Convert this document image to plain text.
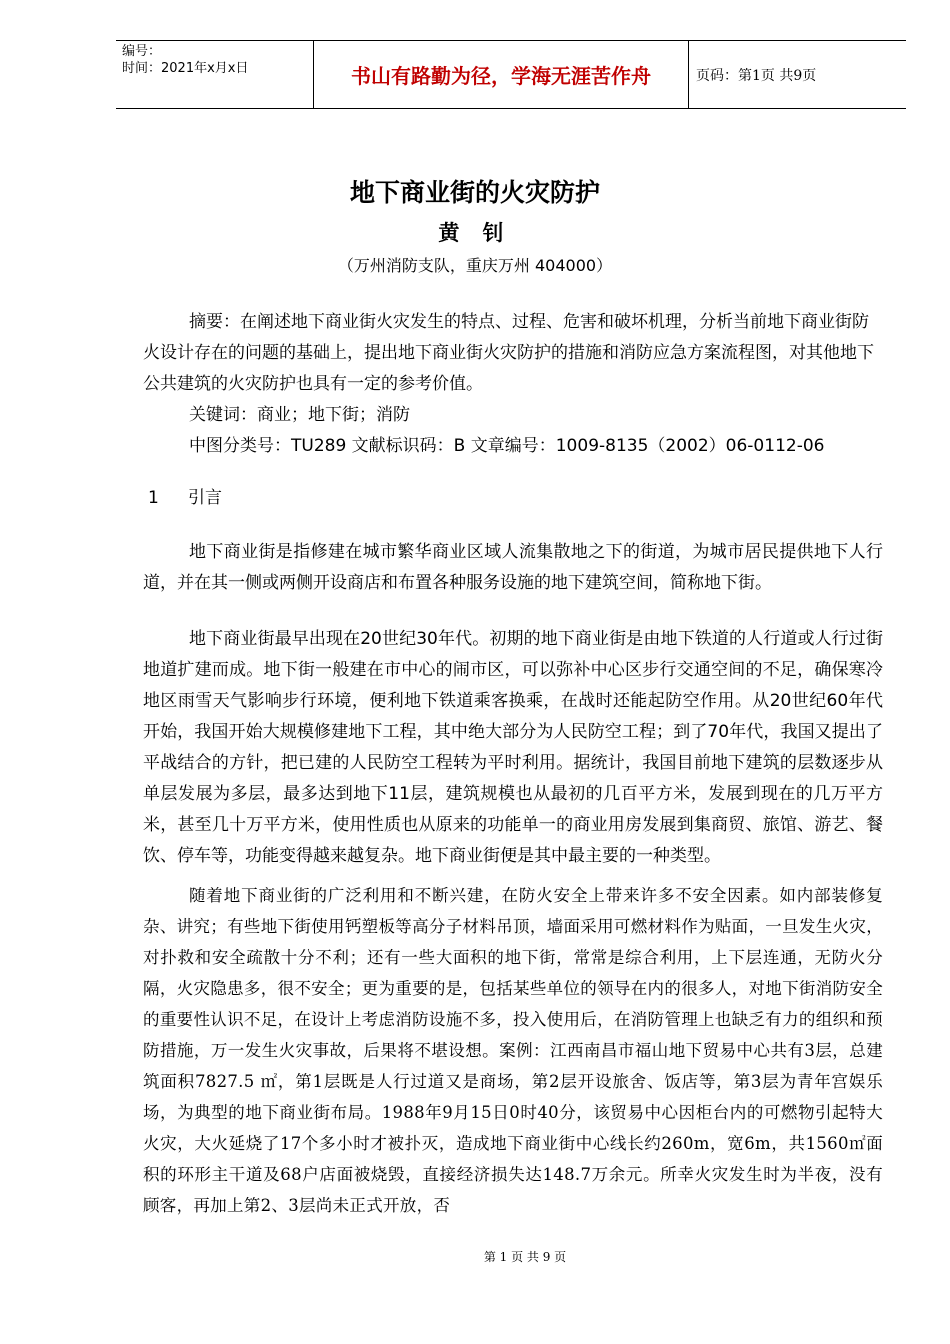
编号：
时间：2021年x月x日	书山有路勤为径，学海无涯苦作舟	页码：第1页 共9页
地下商业街的火灾防护
黄 钊
（万州消防支队，重庆万州 404000）

摘要：在阐述地下商业街火灾发生的特点、过程、危害和破坏机理，分析当前地下商业街防火设计存在的问题的基础上，提出地下商业街火灾防护的措施和消防应急方案流程图，对其他地下公共建筑的火灾防护也具有一定的参考价值。

关键词：商业；地下街；消防
中图分类号：TU289 文献标识码：B 文章编号：1009-8135（2002）06-0112-06
1 引言

地下商业街是指修建在城市繁华商业区域人流集散地之下的街道，为城市居民提供地下人行道，并在其一侧或两侧开设商店和布置各种服务设施的地下建筑空间，简称地下街。

地下商业街最早出现在20世纪30年代。初期的地下商业街是由地下铁道的人行道或人行过街地道扩建而成。地下街一般建在市中心的闹市区，可以弥补中心区步行交通空间的不足，确保寒冷地区雨雪天气影响步行环境，便利地下铁道乘客换乘，在战时还能起防空作用。从20世纪60年代开始，我国开始大规模修建地下工程，其中绝大部分为人民防空工程；到了70年代，我国又提出了平战结合的方针，把已建的人民防空工程转为平时利用。据统计，我国目前地下建筑的层数逐步从单层发展为多层，最多达到地下11层，建筑规模也从最初的几百平方米，发展到现在的几万平方米，甚至几十万平方米，使用性质也从原来的功能单一的商业用房发展到集商贸、旅馆、游艺、餐饮、停车等，功能变得越来越复杂。地下商业街便是其中最主要的一种类型。

随着地下商业街的广泛利用和不断兴建，在防火安全上带来许多不安全因素。如内部装修复杂、讲究；有些地下街使用钙塑板等高分子材料吊顶，墙面采用可燃材料作为贴面，一旦发生火灾，对扑救和安全疏散十分不利；还有一些大面积的地下街，常常是综合利用，上下层连通，无防火分隔，火灾隐患多，很不安全；更为重要的是，包括某些单位的领导在内的很多人，对地下街消防安全的重要性认识不足，在设计上考虑消防设施不多，投入使用后，在消防管理上也缺乏有力的组织和预防措施，万一发生火灾事故，后果将不堪设想。案例：江西南昌市福山地下贸易中心共有3层，总建筑面积7827.5 ㎡，第1层既是人行过道又是商场，第2层开设旅舍、饭店等，第3层为青年宫娱乐场，为典型的地下商业街布局。1988年9月15日0时40分，该贸易中心因柜台内的可燃物引起特大火灾，大火延烧了17个多小时才被扑灭，造成地下商业街中心线长约260m，宽6m，共1560㎡面积的环形主干道及68户店面被烧毁，直接经济损失达148.7万余元。所幸火灾发生时为半夜，没有顾客，再加上第2、3层尚未正式开放，否

第 1 页 共 9 页
